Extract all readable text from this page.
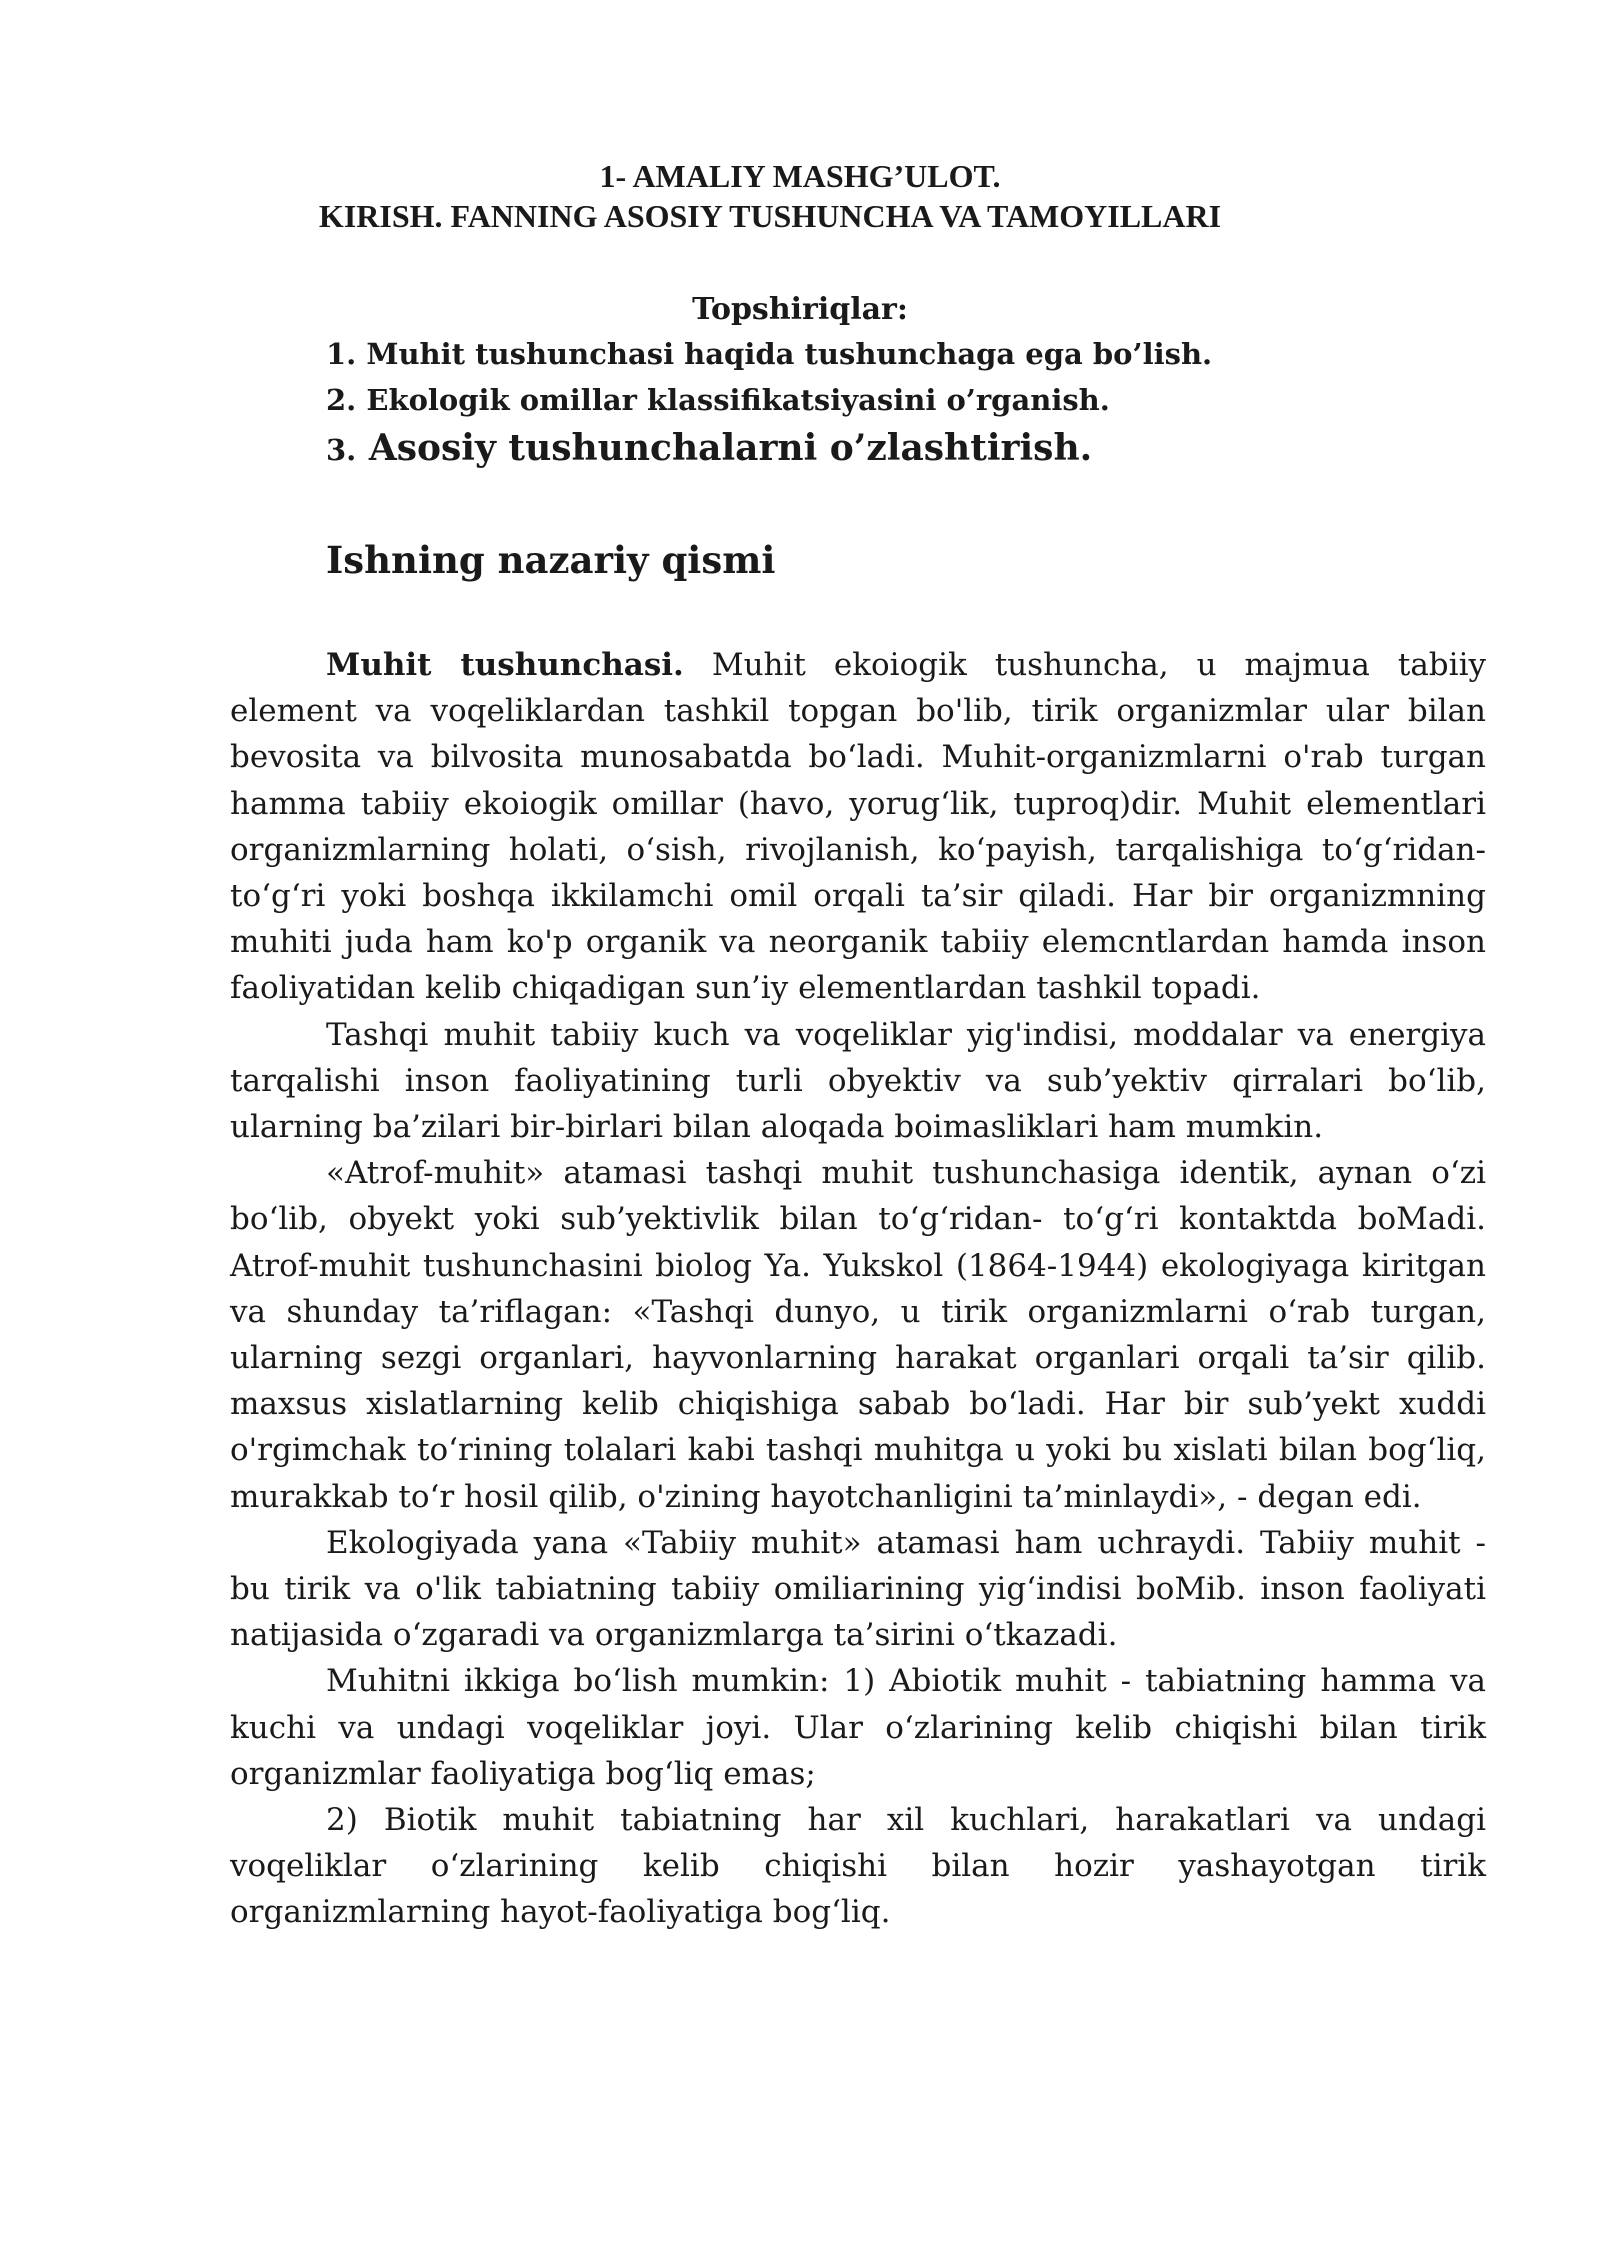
1- AMALIY MASHG’ULOT.
KIRISH. FANNING ASOSIY TUSHUNCHA VA TAMOYILLARI
Topshiriqlar:
1. Muhit tushunchasi haqida tushunchaga ega bo’lish.
2. Ekologik omillar klassifikatsiyasini o’rganish.
3. Asosiy tushunchalarni o’zlashtirish.
Ishning nazariy qismi

Muhit tushunchasi. Muhit ekoiogik tushuncha, u majmua tabiiy element va voqeliklardan tashkil topgan bo'lib, tirik organizmlar ular bilan bevosita va bilvosita munosabatda bo‘ladi. Muhit-organizmlarni o'rab turgan hamma tabiiy ekoiogik omillar (havo, yorug‘lik, tuproq)dir. Muhit elementlari organizmlarning holati, o‘sish, rivojlanish, ko‘payish, tarqalishiga to‘g‘ridan-to‘g‘ri yoki boshqa ikkilamchi omil orqali ta’sir qiladi. Har bir organizmning muhiti juda ham ko'p organik va neorganik tabiiy elemcntlardan hamda inson faoliyatidan kelib chiqadigan sun’iy elementlardan tashkil topadi.

Tashqi muhit tabiiy kuch va voqeliklar yig'indisi, moddalar va energiya tarqalishi inson faoliyatining turli obyektiv va sub’yektiv qirralari bo‘lib, ularning ba’zilari bir-birlari bilan aloqada boimasliklari ham mumkin.

«Atrof-muhit» atamasi tashqi muhit tushunchasiga identik, aynan o‘zi bo‘lib, obyekt yoki sub’yektivlik bilan to‘g‘ridan- to‘g‘ri kontaktda boMadi. Atrof-muhit tushunchasini biolog Ya. Yukskol (1864-1944) ekologiyaga kiritgan va shunday ta’riflagan: «Tashqi dunyo, u tirik organizmlarni o‘rab turgan, ularning sezgi organlari, hayvonlarning harakat organlari orqali ta’sir qilib. maxsus xislatlarning kelib chiqishiga sabab bo‘ladi. Har bir sub’yekt xuddi o'rgimchak to‘rining tolalari kabi tashqi muhitga u yoki bu xislati bilan bog‘liq, murakkab to‘r hosil qilib, o'zining hayotchanligini ta’minlaydi», - degan edi.

Ekologiyada yana «Tabiiy muhit» atamasi ham uchraydi. Tabiiy muhit - bu tirik va o'lik tabiatning tabiiy omiliarining yig‘indisi boMib. inson faoliyati natijasida o‘zgaradi va organizmlarga ta’sirini o‘tkazadi.

Muhitni ikkiga bo‘lish mumkin: 1) Abiotik muhit - tabiatning hamma va kuchi va undagi voqeliklar joyi. Ular o‘zlarining kelib chiqishi bilan tirik organizmlar faoliyatiga bog‘liq emas;

2) Biotik muhit tabiatning har xil kuchlari, harakatlari va undagi voqeliklar o‘zlarining kelib chiqishi bilan hozir yashayotgan tirik organizmlarning hayot-faoliyatiga bog‘liq.
